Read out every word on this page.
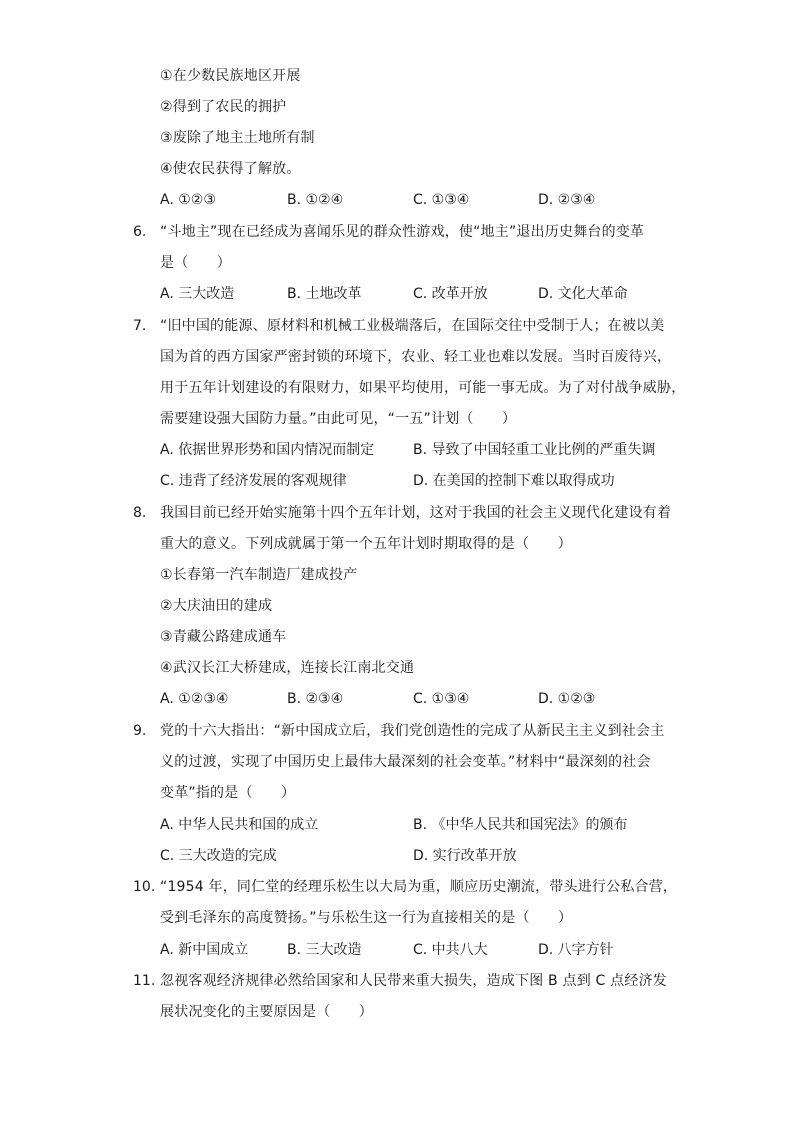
①在少数民族地区开展
②得到了农民的拥护
③废除了地主土地所有制
④使农民获得了解放。
A. ①②③	B. ①②④	C. ①③④	D. ②③④
6. “斗地主”现在已经成为喜闻乐见的群众性游戏，使“地主”退出历史舞台的变革
是（　　）
A. 三大改造	B. 土地改革	C. 改革开放	D. 文化大革命
7. “旧中国的能源、原材料和机械工业极端落后，在国际交往中受制于人；在被以美
国为首的西方国家严密封锁的环境下，农业、轻工业也难以发展。当时百废待兴，
用于五年计划建设的有限财力，如果平均使用，可能一事无成。为了对付战争威胁，
需要建设强大国防力量。”由此可见，“一五”计划（　　）
A. 依据世界形势和国内情况而制定	B. 导致了中国轻重工业比例的严重失调
C. 违背了经济发展的客观规律	D. 在美国的控制下难以取得成功
8. 我国目前已经开始实施第十四个五年计划，这对于我国的社会主义现代化建设有着
重大的意义。下列成就属于第一个五年计划时期取得的是（　　）
①长春第一汽车制造厂建成投产
②大庆油田的建成
③青藏公路建成通车
④武汉长江大桥建成，连接长江南北交通
A. ①②③④	B. ②③④	C. ①③④	D. ①②③
9. 党的十六大指出：“新中国成立后，我们党创造性的完成了从新民主主义到社会主
义的过渡，实现了中国历史上最伟大最深刻的社会变革。”材料中“最深刻的社会
变革”指的是（　　）
A. 中华人民共和国的成立	B. 《中华人民共和国宪法》的颁布
C. 三大改造的完成	D. 实行改革开放
10. “1954 年，同仁堂的经理乐松生以大局为重，顺应历史潮流，带头进行公私合营，
受到毛泽东的高度赞扬。”与乐松生这一行为直接相关的是（　　）
A. 新中国成立	B. 三大改造	C. 中共八大	D. 八字方针
11. 忽视客观经济规律必然给国家和人民带来重大损失，造成下图 B 点到 C 点经济发
展状况变化的主要原因是（　　）
